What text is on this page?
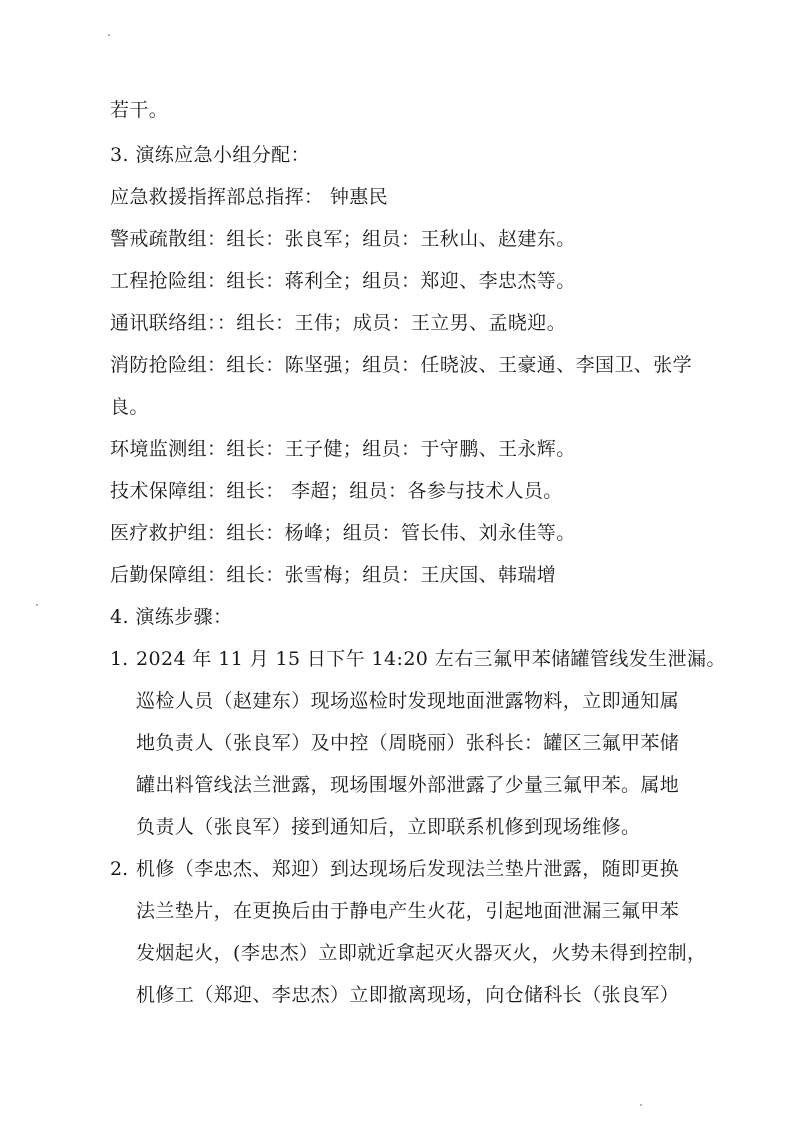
若干。
3. 演练应急小组分配：
应急救援指挥部总指挥： 钟惠民
警戒疏散组：组长：张良军；组员：王秋山、赵建东。
工程抢险组：组长：蒋利全；组员：郑迎、李忠杰等。
通讯联络组：：组长：王伟；成员：王立男、孟晓迎。
消防抢险组：组长：陈坚强；组员：任晓波、王豪通、李国卫、张学
良。
环境监测组：组长：王子健；组员：于守鹏、王永辉。
技术保障组：组长： 李超；组员：各参与技术人员。
医疗救护组：组长：杨峰；组员：管长伟、刘永佳等。
后勤保障组：组长：张雪梅；组员：王庆国、韩瑞增
4. 演练步骤：
1. 2024 年 11 月 15 日下午 14:20 左右三氟甲苯储罐管线发生泄漏。
巡检人员（赵建东）现场巡检时发现地面泄露物料，立即通知属
地负责人（张良军）及中控（周晓丽）张科长：罐区三氟甲苯储
罐出料管线法兰泄露，现场围堰外部泄露了少量三氟甲苯。属地
负责人（张良军）接到通知后，立即联系机修到现场维修。
2. 机修（李忠杰、郑迎）到达现场后发现法兰垫片泄露，随即更换
法兰垫片，在更换后由于静电产生火花，引起地面泄漏三氟甲苯
发烟起火，(李忠杰）立即就近拿起灭火器灭火，火势未得到控制，
机修工（郑迎、李忠杰）立即撤离现场，向仓储科长（张良军）
